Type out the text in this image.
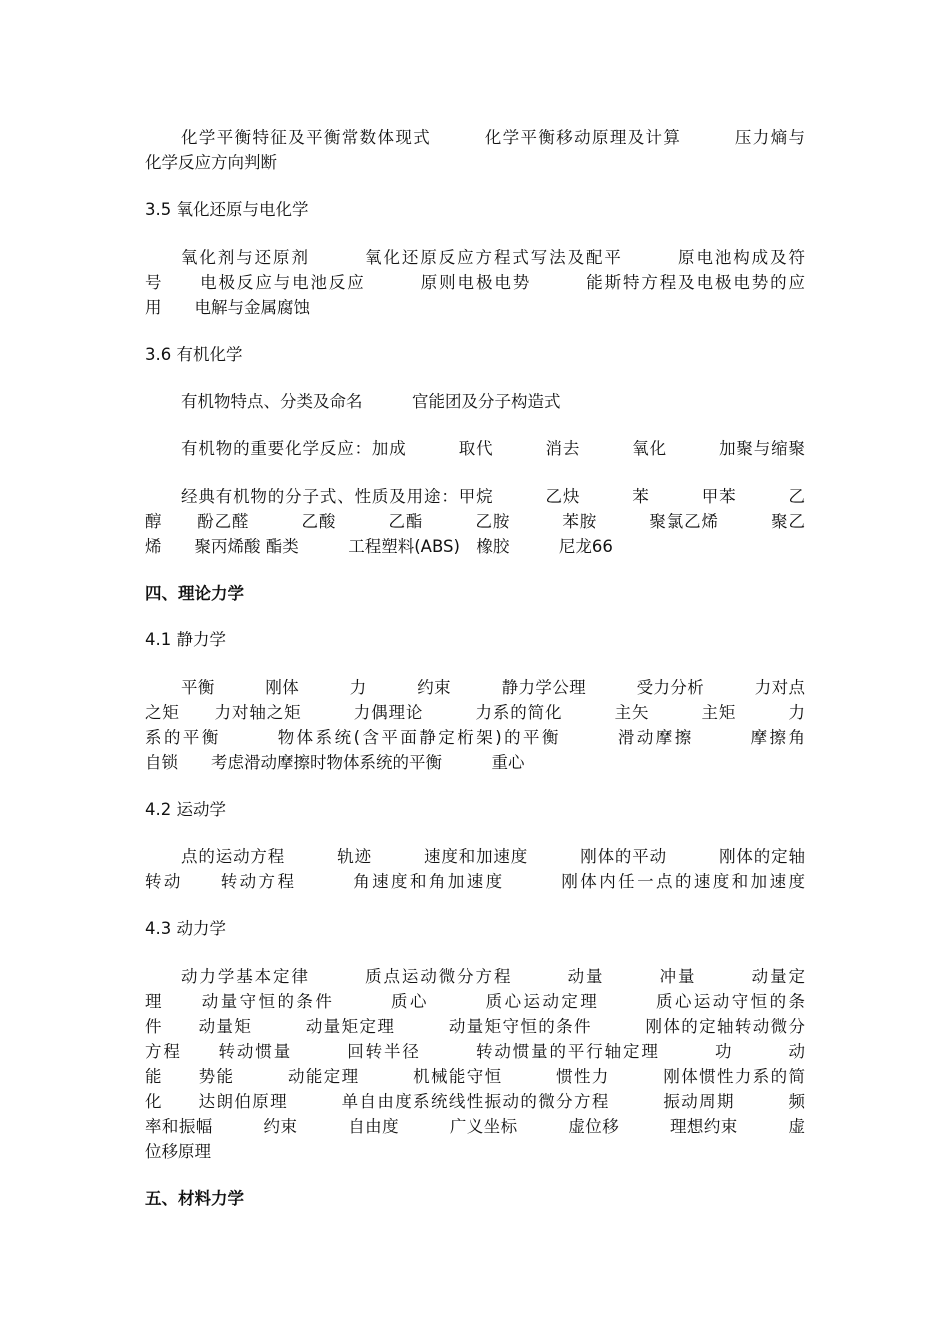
化学平衡特征及平衡常数体现式　　　化学平衡移动原理及计算　　　压力熵与
化学反应方向判断
3.5 氧化还原与电化学
氧化剂与还原剂　　　氧化还原反应方程式写法及配平　　　原电池构成及符
号　　电极反应与电池反应　　　原则电极电势　　　能斯特方程及电极电势的应
用　　电解与金属腐蚀
3.6 有机化学
有机物特点、分类及命名　　　官能团及分子构造式
有机物的重要化学反应：加成　　　取代　　　消去　　　氧化　　　加聚与缩聚
经典有机物的分子式、性质及用途：甲烷　　　乙炔　　　苯　　　甲苯　　　乙
醇　　酚乙醛　　　乙酸　　　乙酯　　　乙胺　　　苯胺　　　聚氯乙烯　　　聚乙
烯　　聚丙烯酸 酯类　　　工程塑料(ABS)　橡胶　　　尼龙66
四、理论力学
4.1 静力学
平衡　　　刚体　　　力　　　约束　　　静力学公理　　　受力分析　　　力对点
之矩　　力对轴之矩　　　力偶理论　　　力系的简化　　　主矢　　　主矩　　　力
系的平衡　　　物体系统(含平面静定桁架)的平衡　　　滑动摩擦　　　摩擦角
自锁　　考虑滑动摩擦时物体系统的平衡　　　重心
4.2 运动学
点的运动方程　　　轨迹　　　速度和加速度　　　刚体的平动　　　刚体的定轴
转动　　转动方程　　　角速度和角加速度　　　刚体内任一点的速度和加速度
4.3 动力学
动力学基本定律　　　质点运动微分方程　　　动量　　　冲量　　　动量定
理　　动量守恒的条件　　　质心　　　质心运动定理　　　质心运动守恒的条
件　　动量矩　　　动量矩定理　　　动量矩守恒的条件　　　刚体的定轴转动微分
方程　　转动惯量　　　回转半径　　　转动惯量的平行轴定理　　　功　　　动
能　　势能　　　动能定理　　　机械能守恒　　　惯性力　　　刚体惯性力系的简
化　　达朗伯原理　　　单自由度系统线性振动的微分方程　　　振动周期　　　频
率和振幅　　　约束　　　自由度　　　广义坐标　　　虚位移　　　理想约束　　　虚
位移原理
五、材料力学
